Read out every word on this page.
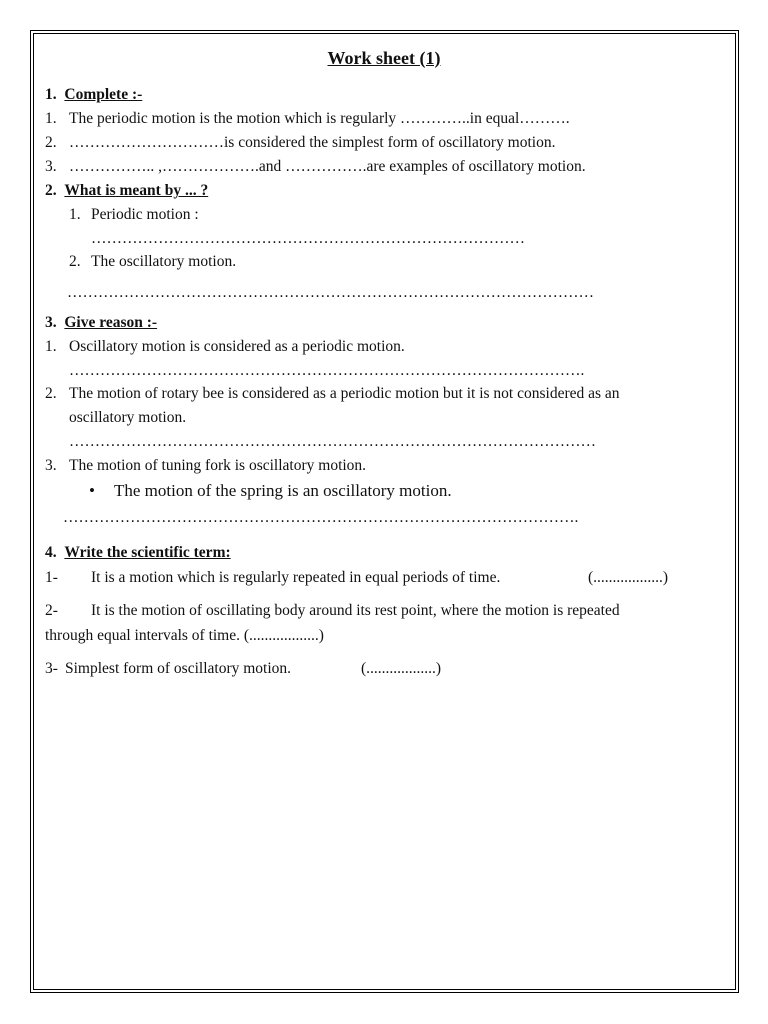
Work sheet (1)
1. Complete :-
1. The periodic motion is the motion which is regularly …………..in equal……….
2. …………………………is considered the simplest form of oscillatory motion.
3. …………….. ,……………….and …………….are examples of oscillatory motion.
2. What is meant by ... ?
1. Periodic motion :
…………………………………………………………………………
2. The oscillatory motion.
…………………………………………………………………………………………
3. Give reason :-
1. Oscillatory motion is considered as a periodic motion.
……………………………………………………………………………………….
2. The motion of rotary bee is considered as a periodic motion but it is not considered as an
oscillatory motion.
…………………………………………………………………………………………
3. The motion of tuning fork is oscillatory motion.
• The motion of the spring is an oscillatory motion.
……………………………………………………………………………………….
4. Write the scientific term:
1- It is a motion which is regularly repeated in equal periods of time.	(..................)
2- It is the motion of oscillating body around its rest point, where the motion is repeated
through equal intervals of time. (..................)
3- Simplest form of oscillatory motion.	(..................)
